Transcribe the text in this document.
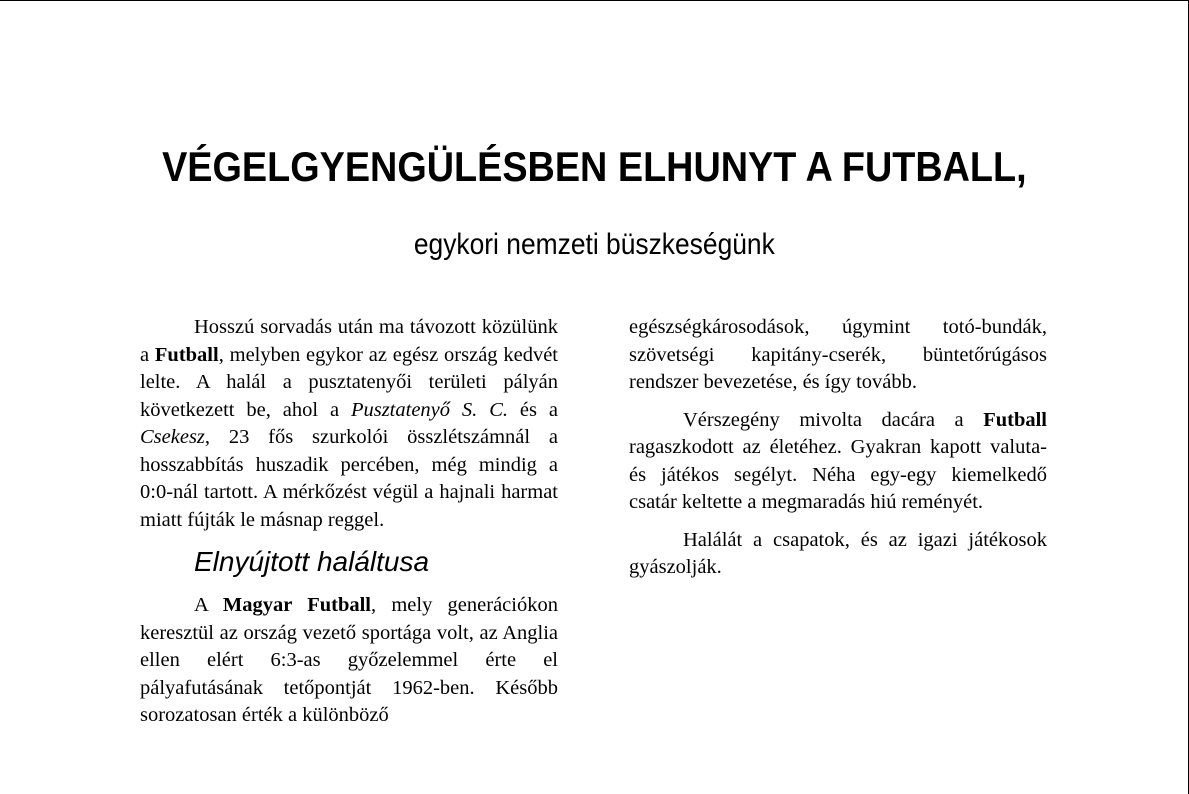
VÉGELGYENGÜLÉSBEN ELHUNYT A FUTBALL,
egykori nemzeti büszkeségünk

Hosszú sorvadás után ma távozott közülünk a Futball, melyben egykor az egész ország kedvét lelte. A halál a pusztatenyői területi pályán következett be, ahol a Pusztatenyő S. C. és a Csekesz, 23 fős szurkolói összlétszámnál a hosszabbítás huszadik percében, még mindig a 0:0-nál tartott. A mérkőzést végül a hajnali harmat miatt fújták le másnap reggel.

Elnyújtott haláltusa

A Magyar Futball, mely generációkon keresztül az ország vezető sportága volt, az Anglia ellen elért 6:3-as győzelemmel érte el pályafutásának tetőpontját 1962-ben. Később sorozatosan érték a különböző

egészségkárosodások, úgymint totó-bundák, szövetségi kapitány-cserék, büntetőrúgásos rendszer bevezetése, és így tovább.

Vérszegény mivolta dacára a Futball ragaszkodott az életéhez. Gyakran kapott valuta- és játékos segélyt. Néha egy-egy kiemelkedő csatár keltette a megmaradás hiú reményét.

Halálát a csapatok, és az igazi játékosok gyászolják.
